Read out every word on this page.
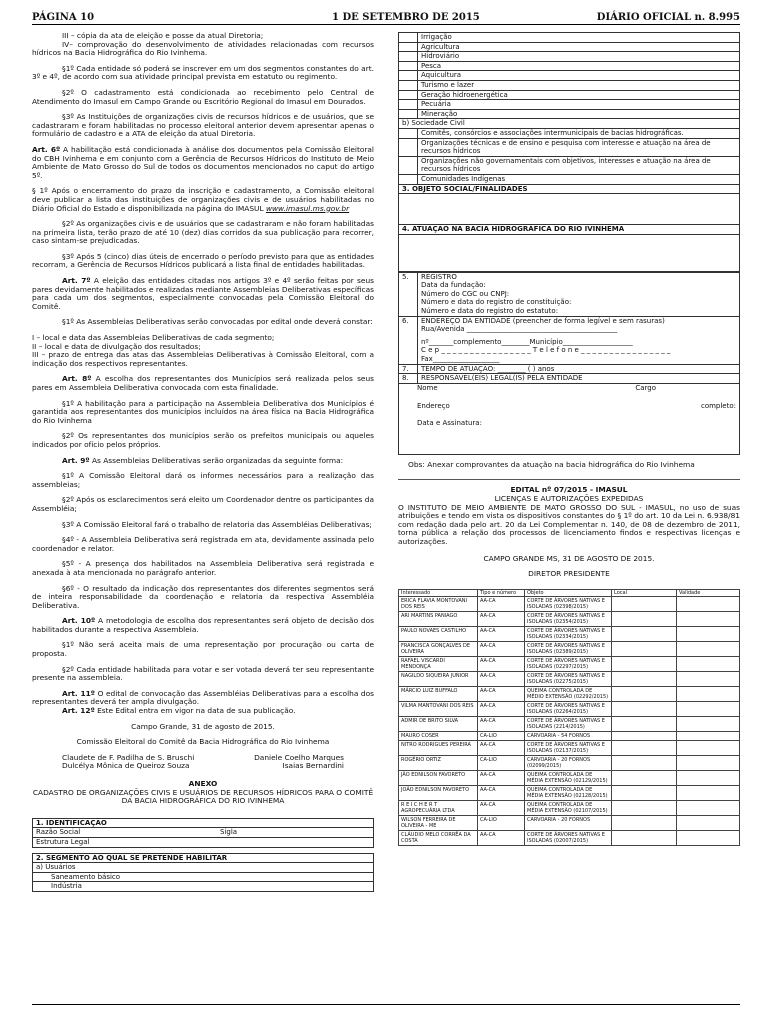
PÁGINA 10	1 DE SETEMBRO DE 2015	DIÁRIO OFICIAL n. 8.995

III – cópia da ata de eleição e posse da atual Diretoria;

IV– comprovação do desenvolvimento de atividades relacionadas com recursos hídricos na Bacia Hidrográfica do Rio Ivinhema.

§1º Cada entidade só poderá se inscrever em um dos segmentos constantes do art. 3º e 4º, de acordo com sua atividade principal prevista em estatuto ou regimento.

§2º O cadastramento está condicionada ao recebimento pelo Central de Atendimento do Imasul em Campo Grande ou Escritório Regional do Imasul em Dourados.

§3º As Instituições de organizações civis de recursos hídricos e de usuários, que se cadastraram e foram habilitadas no processo eleitoral anterior devem apresentar apenas o formulário de cadastro e a ATA de eleição da atual Diretoria.

Art. 6º A habilitação está condicionada à análise dos documentos pela Comissão Eleitoral do CBH Ivinhema e em conjunto com a Gerência de Recursos Hídricos do Instituto de Meio Ambiente de Mato Grosso do Sul de todos os documentos mencionados no caput do artigo 5º.

§ 1º Após o encerramento do prazo da inscrição e cadastramento, a Comissão eleitoral deve publicar a lista das instituições de organizações civis e de usuários habilitadas no Diário Oficial do Estado e disponibilizada na página do IMASUL www.imasul.ms.gov.br

§2º As organizações civis e de usuários que se cadastraram e não foram habilitadas na primeira lista, terão prazo de até 10 (dez) dias corridos da sua publicação para recorrer, caso sintam-se prejudicadas.

§3º Após 5 (cinco) dias úteis de encerrado o período previsto para que as entidades recorram, a Gerência de Recursos Hídricos publicará a lista final de entidades habilitadas.

Art. 7º A eleição das entidades citadas nos artigos 3º e 4º serão feitas por seus pares devidamente habilitados e realizadas mediante Assembleias Deliberativas específicas para cada um dos segmentos, especialmente convocadas pela Comissão Eleitoral do Comitê.

§1º As Assembleias Deliberativas serão convocadas por edital onde deverá constar:

I – local e data das Assembleias Deliberativas de cada segmento;

II – local e data de divulgação dos resultados;

III – prazo de entrega das atas das Assembleias Deliberativas à Comissão Eleitoral, com a indicação dos respectivos representantes.

Art. 8º A escolha dos representantes dos Municípios será realizada pelos seus pares em Assembleia Deliberativa convocada com esta finalidade.

§1º A habilitação para a participação na Assembleia Deliberativa dos Municípios é garantida aos representantes dos municípios incluídos na área física na Bacia Hidrográfica do Rio Ivinhema

§2º Os representantes dos municípios serão os prefeitos municipais ou aqueles indicados por ofício pelos próprios.

Art. 9º As Assembleias Deliberativas serão organizadas da seguinte forma:

§1º A Comissão Eleitoral dará os informes necessários para a realização das assembleias;

§2º Após os esclarecimentos será eleito um Coordenador dentre os participantes da Assembléia;

§3º A Comissão Eleitoral fará o trabalho de relatoria das Assembléias Deliberativas;

§4º - A Assembleia Deliberativa será registrada em ata, devidamente assinada pelo coordenador e relator.

§5º - A presença dos habilitados na Assembleia Deliberativa será registrada e anexada à ata mencionada no parágrafo anterior.

§6º - O resultado da indicação dos representantes dos diferentes segmentos será de inteira responsabilidade da coordenação e relatoria da respectiva Assembléia Deliberativa.

Art. 10º A metodologia de escolha dos representantes será objeto de decisão dos habilitados durante a respectiva Assembleia.

§1º Não será aceita mais de uma representação por procuração ou carta de proposta.

§2º Cada entidade habilitada para votar e ser votada deverá ter seu representante presente na assembleia.

Art. 11º O edital de convocação das Assembléias Deliberativas para a escolha dos representantes deverá ter ampla divulgação.

Art. 12º Este Edital entra em vigor na data de sua publicação.

Campo Grande, 31 de agosto de 2015.

Comissão Eleitoral do Comitê da Bacia Hidrográfica do Rio Ivinhema

Claudete de F. Padilha de S. Bruschi	Daniele Coelho Marques

Dulcélya Mônica de Queiroz Souza	Isaias Bernardini

ANEXO

CADASTRO DE ORGANIZAÇÕES CIVIS E USUÁRIOS DE RECURSOS HÍDRICOS PARA O COMITÊ DA BACIA HIDROGRÁFICA DO RIO IVINHEMA

1. IDENTIFICAÇÃO
Razão Social	Sigla
Estrutura Legal

2. SEGMENTO AO QUAL SE PRETENDE HABILITAR
a) Usuários
Saneamento básico
Indústria
	Irrigação
	Agricultura
	Hidroviário
	Pesca
	Aquicultura
	Turismo e lazer
	Geração hidroenergética
	Pecuária
	Mineração
b) Sociedade Civil	
	Comitês, consórcios e associações intermunicipais de bacias hidrográficas.
	Organizações técnicas e de ensino e pesquisa com interesse e atuação na área de recursos hídricos
	Organizações não governamentais com objetivos, interesses e atuação na área de recursos hídricos
	Comunidades Indígenas
3. OBJETO SOCIAL/FINALIDADES	

4. ATUAÇÃO NA BACIA HIDROGRÁFICA DO RIO IVINHEMA	

5.	REGISTRO
Data da fundação:
Número do CGC ou CNPJ:
Número e data do registro de constituição:
Número e data do registro do estatuto:

6.	ENDEREÇO DA ENTIDADE (preencher de forma legível e sem rasuras)
Rua/Avenida ___________________________________________
nº_______complemento________Município____________________
C e p _ _ _ _ _ _ _ _ _ _ _ _ _ _ _ _ T e l e f o n e _ _ _ _ _ _ _ _ _ _ _ _ _ _ _ _
Fax___________________

7.	TEMPO DE ATUAÇÃO: ________ ( ) anos
8.	RESPONSÁVEL(EIS) LEGAL(IS) PELA ENTIDADE

Nome Cargo
Endereço completo:
Data e Assinatura:	

Obs: Anexar comprovantes da atuação na bacia hidrográfica do Rio Ivinhema

EDITAL nº 07/2015 - IMASUL

LICENÇAS E AUTORIZAÇÕES EXPEDIDAS

O INSTITUTO DE MEIO AMBIENTE DE MATO GROSSO DO SUL - IMASUL, no uso de suas atribuições e tendo em vista os dispositivos constantes do § 1º do art. 10 da Lei n. 6.938/81 com redação dada pelo art. 20 da Lei Complementar n. 140, de 08 de dezembro de 2011, torna pública a relação dos processos de licenciamento findos e respectivas licenças e autorizações.

CAMPO GRANDE MS, 31 DE AGOSTO DE 2015.

DIRETOR PRESIDENTE

Interessado	Tipo e número	Objeto	Local	Validade
ERICA FLAVIA MONTOVANI DOS REIS	AA-CA	CORTE DE ÁRVORES NATIVAS E ISOLADAS (02398/2015)		
ARI MARTINS PANIAGO	AA-CA	CORTE DE ÁRVORES NATIVAS E ISOLADAS (02354/2015)		
PAULO NOVAES CASTILHO	AA-CA	CORTE DE ÁRVORES NATIVAS E ISOLADAS (02334/2015)		
FRANCISCA GONÇALVES DE OLIVEIRA	AA-CA	CORTE DE ÁRVORES NATIVAS E ISOLADAS (02389/2015)		
RAFAEL VISCARDI MENDONÇA	AA-CA	CORTE DE ÁRVORES NATIVAS E ISOLADAS (02297/2015)		
NAGILDO SIQUEIRA JUNIOR	AA-CA	CORTE DE ÁRVORES NATIVAS E ISOLADAS (02275/2015)		
MÁRCIO LUIZ BUFFALO	AA-CA	QUEIMA CONTROLADA DE MÉDIO EXTENSÃO (02292/2015)		
VILMA MANTOVANI DOS REIS	AA-CA	CORTE DE ÁRVORES NATIVAS E ISOLADAS (02264/2015)		
ADMIR DE BRITO SILVA	AA-CA	CORTE DE ÁRVORES NATIVAS E ISOLADAS (2214/2015)		
MAURO COSER	CA-LIO	CARVOARIA - 54 FORNOS		
NITRO RODRIGUES PEREIRA	AA-CA	CORTE DE ÁRVORES NATIVAS E ISOLADAS (02137/2015)		
ROGÉRIO ORTIZ	CA-LIO	CARVOARIA - 20 FORNOS (02099/2015)		
JÃO EDNILSON FAVORETO	AA-CA	QUEIMA CONTROLADA DE MÉDIA EXTENSÃO (02129/2015)		
JOÃO EDNILSON FAVORETO	AA-CA	QUEIMA CONTROLADA DE MÉDIA EXTENSÃO (02128/2015)		
R E I C H E R T AGROPECUÁRIA LTDA	AA-CA	QUEIMA CONTROLADA DE MÉDIA EXTENSÃO (02107/2015)		
WILSON FERREIRA DE OLIVEIRA - ME	CA-LIO	CARVOARIA - 20 FORNOS		
CLÁUDIO MELO CORRÊA DA COSTA	AA-CA	CORTE DE ÁRVORES NATIVAS E ISOLADAS (02007/2015)		
